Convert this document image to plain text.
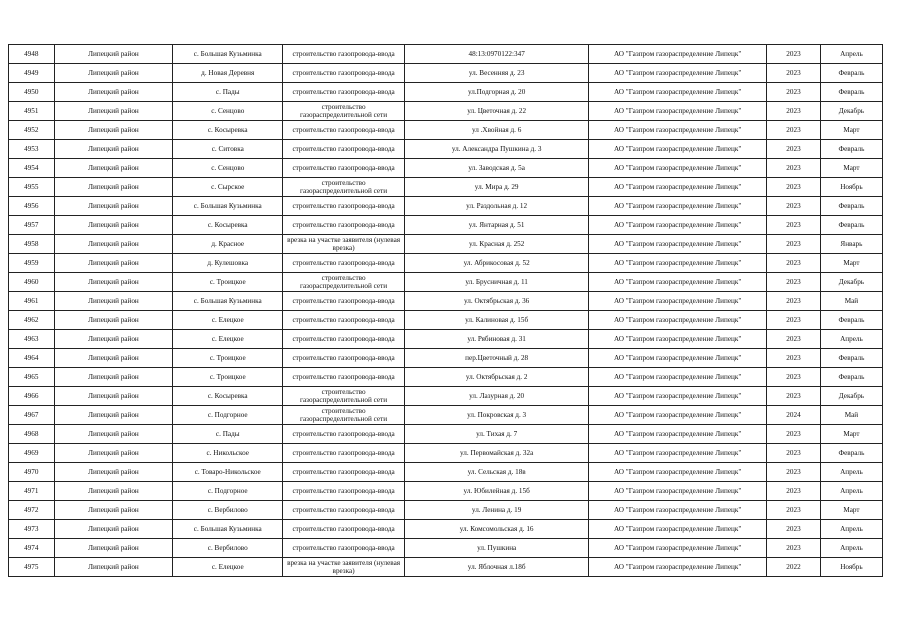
4948	Липецкий район	с. Большая Кузьминка	строительство газопровода-ввода	48:13:0970122:347	АО "Газпром газораспределение Липецк"	2023	Апрель
4949	Липецкий район	д. Новая Деревня	строительство газопровода-ввода	ул. Весенняя д. 23	АО "Газпром газораспределение Липецк"	2023	Февраль
4950	Липецкий район	с. Пады	строительство газопровода-ввода	ул.Подгорная д. 20	АО "Газпром газораспределение Липецк"	2023	Февраль
4951	Липецкий район	с. Сенцово	строительство газораспределительной сети	ул. Цветочная д. 22	АО "Газпром газораспределение Липецк"	2023	Декабрь
4952	Липецкий район	с. Косыревка	строительство газопровода-ввода	ул .Хвойная д. 6	АО "Газпром газораспределение Липецк"	2023	Март
4953	Липецкий район	с. Ситовка	строительство газопровода-ввода	ул. Александра Пушкина д. 3	АО "Газпром газораспределение Липецк"	2023	Февраль
4954	Липецкий район	с. Сенцово	строительство газопровода-ввода	ул. Заводская д. 5а	АО "Газпром газораспределение Липецк"	2023	Март
4955	Липецкий район	с. Сырское	строительство газораспределительной сети	ул. Мира д. 29	АО "Газпром газораспределение Липецк"	2023	Ноябрь
4956	Липецкий район	с. Большая Кузьминка	строительство газопровода-ввода	ул. Раздольная д. 12	АО "Газпром газораспределение Липецк"	2023	Февраль
4957	Липецкий район	с. Косыревка	строительство газопровода-ввода	ул. Янтарная д. 51	АО "Газпром газораспределение Липецк"	2023	Февраль
4958	Липецкий район	д. Красное	врезка на участке заявителя (нулевая врезка)	ул. Красная д. 252	АО "Газпром газораспределение Липецк"	2023	Январь
4959	Липецкий район	д. Кулешовка	строительство газопровода-ввода	ул. Абрикосовая д. 52	АО "Газпром газораспределение Липецк"	2023	Март
4960	Липецкий район	с. Троицкое	строительство газораспределительной сети	ул. Брусничная д. 11	АО "Газпром газораспределение Липецк"	2023	Декабрь
4961	Липецкий район	с. Большая Кузьминка	строительство газопровода-ввода	ул. Октябрьская д. 36	АО "Газпром газораспределение Липецк"	2023	Май
4962	Липецкий район	с. Елецкое	строительство газопровода-ввода	ул. Калиновая д. 15б	АО "Газпром газораспределение Липецк"	2023	Февраль
4963	Липецкий район	с. Елецкое	строительство газопровода-ввода	ул. Рябиновая д. 31	АО "Газпром газораспределение Липецк"	2023	Апрель
4964	Липецкий район	с. Троицкое	строительство газопровода-ввода	пер.Цветочный д. 28	АО "Газпром газораспределение Липецк"	2023	Февраль
4965	Липецкий район	с. Троицкое	строительство газопровода-ввода	ул. Октябрьская д. 2	АО "Газпром газораспределение Липецк"	2023	Февраль
4966	Липецкий район	с. Косыревка	строительство газораспределительной сети	ул. Лазурная д. 20	АО "Газпром газораспределение Липецк"	2023	Декабрь
4967	Липецкий район	с. Подгорное	строительство газораспределительной сети	ул. Покровская д. 3	АО "Газпром газораспределение Липецк"	2024	Май
4968	Липецкий район	с. Пады	строительство газопровода-ввода	ул. Тихая д. 7	АО "Газпром газораспределение Липецк"	2023	Март
4969	Липецкий район	с. Никольское	строительство газопровода-ввода	ул. Первомайская д. 32а	АО "Газпром газораспределение Липецк"	2023	Февраль
4970	Липецкий район	с. Товаро-Никольское	строительство газопровода-ввода	ул. Сельская д. 18в	АО "Газпром газораспределение Липецк"	2023	Апрель
4971	Липецкий район	с. Подгорное	строительство газопровода-ввода	ул. Юбилейная д. 15б	АО "Газпром газораспределение Липецк"	2023	Апрель
4972	Липецкий район	с. Вербилово	строительство газопровода-ввода	ул. Ленина д. 19	АО "Газпром газораспределение Липецк"	2023	Март
4973	Липецкий район	с. Большая Кузьминка	строительство газопровода-ввода	ул. Комсомольская д. 16	АО "Газпром газораспределение Липецк"	2023	Апрель
4974	Липецкий район	с. Вербилово	строительство газопровода-ввода	ул. Пушкина	АО "Газпром газораспределение Липецк"	2023	Апрель
4975	Липецкий район	с. Елецкое	врезка на участке заявителя (нулевая врезка)	ул. Яблочная л.18б	АО "Газпром газораспределение Липецк"	2022	Ноябрь
